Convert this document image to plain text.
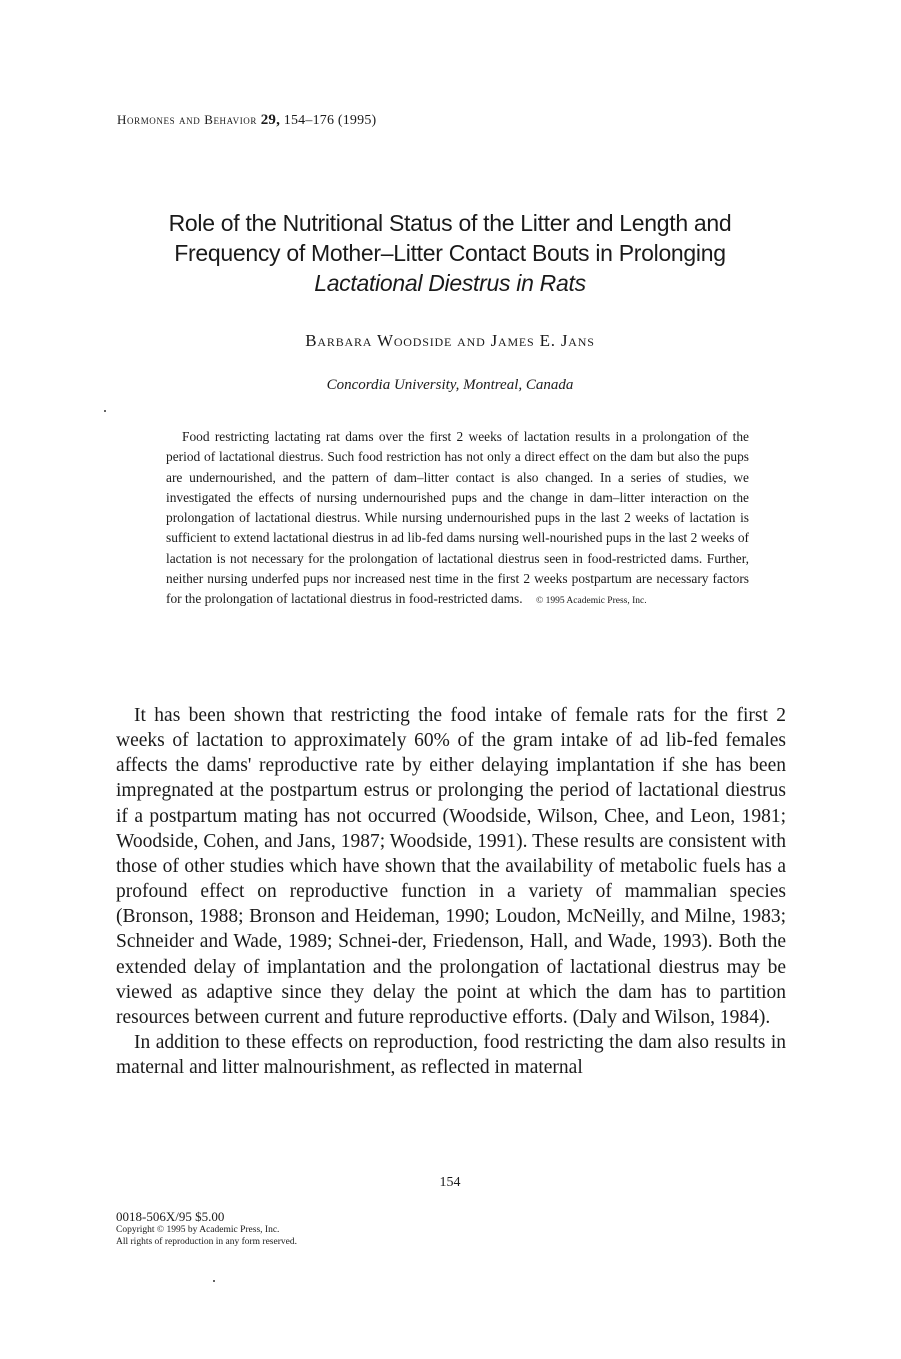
Hormones and Behavior 29, 154–176 (1995)
Role of the Nutritional Status of the Litter and Length and
Frequency of Mother–Litter Contact Bouts in Prolonging
Lactational Diestrus in Rats
Barbara Woodside and James E. Jans
Concordia University, Montreal, Canada

Food restricting lactating rat dams over the first 2 weeks of lactation results in a prolongation of the period of lactational diestrus. Such food restriction has not only a direct effect on the dam but also the pups are undernourished, and the pattern of dam–litter contact is also changed. In a series of studies, we investigated the effects of nursing undernourished pups and the change in dam–litter interaction on the prolongation of lactational diestrus. While nursing undernourished pups in the last 2 weeks of lactation is sufficient to extend lactational diestrus in ad lib-fed dams nursing well-nourished pups in the last 2 weeks of lactation is not necessary for the prolongation of lactational diestrus seen in food-restricted dams. Further, neither nursing underfed pups nor increased nest time in the first 2 weeks postpartum are necessary factors for the prolongation of lactational diestrus in food-restricted dams. © 1995 Academic Press, Inc.

It has been shown that restricting the food intake of female rats for the first 2 weeks of lactation to approximately 60% of the gram intake of ad lib-fed females affects the dams' reproductive rate by either delaying implantation if she has been impregnated at the postpartum estrus or prolonging the period of lactational diestrus if a postpartum mating has not occurred (Woodside, Wilson, Chee, and Leon, 1981; Woodside, Cohen, and Jans, 1987; Woodside, 1991). These results are consistent with those of other studies which have shown that the availability of metabolic fuels has a profound effect on reproductive function in a variety of mammalian species (Bronson, 1988; Bronson and Heideman, 1990; Loudon, McNeilly, and Milne, 1983; Schneider and Wade, 1989; Schnei-der, Friedenson, Hall, and Wade, 1993). Both the extended delay of implantation and the prolongation of lactational diestrus may be viewed as adaptive since they delay the point at which the dam has to partition resources between current and future reproductive efforts. (Daly and Wilson, 1984).

In addition to these effects on reproduction, food restricting the dam also results in maternal and litter malnourishment, as reflected in maternal

154
0018-506X/95 $5.00
Copyright © 1995 by Academic Press, Inc.
All rights of reproduction in any form reserved.
